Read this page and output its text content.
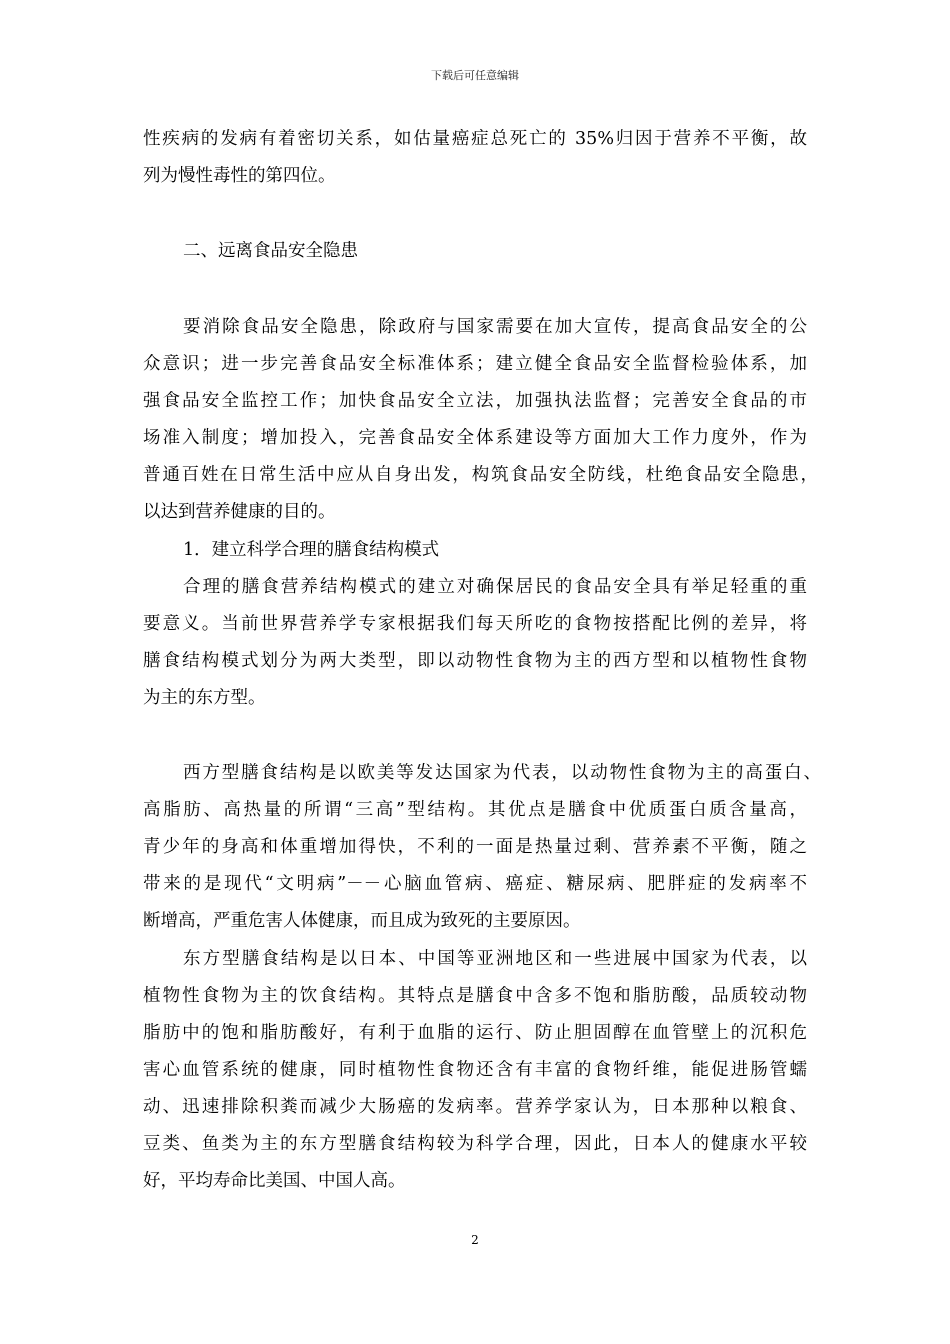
下载后可任意编辑
性疾病的发病有着密切关系，如估量癌症总死亡的 35%归因于营养不平衡，故
列为慢性毒性的第四位。
二、远离食品安全隐患
要消除食品安全隐患，除政府与国家需要在加大宣传，提高食品安全的公
众意识；进一步完善食品安全标准体系；建立健全食品安全监督检验体系，加
强食品安全监控工作；加快食品安全立法，加强执法监督；完善安全食品的市
场准入制度；增加投入，完善食品安全体系建设等方面加大工作力度外，作为
普通百姓在日常生活中应从自身出发，构筑食品安全防线，杜绝食品安全隐患，
以达到营养健康的目的。
1．建立科学合理的膳食结构模式
合理的膳食营养结构模式的建立对确保居民的食品安全具有举足轻重的重
要意义。当前世界营养学专家根据我们每天所吃的食物按搭配比例的差异，将
膳食结构模式划分为两大类型，即以动物性食物为主的西方型和以植物性食物
为主的东方型。
西方型膳食结构是以欧美等发达国家为代表，以动物性食物为主的高蛋白、
高脂肪、高热量的所谓“三高”型结构。其优点是膳食中优质蛋白质含量高，
青少年的身高和体重增加得快，不利的一面是热量过剩、营养素不平衡，随之
带来的是现代“文明病”－－心脑血管病、癌症、糖尿病、肥胖症的发病率不
断增高，严重危害人体健康，而且成为致死的主要原因。
东方型膳食结构是以日本、中国等亚洲地区和一些进展中国家为代表，以
植物性食物为主的饮食结构。其特点是膳食中含多不饱和脂肪酸，品质较动物
脂肪中的饱和脂肪酸好，有利于血脂的运行、防止胆固醇在血管壁上的沉积危
害心血管系统的健康，同时植物性食物还含有丰富的食物纤维，能促进肠管蠕
动、迅速排除积粪而减少大肠癌的发病率。营养学家认为，日本那种以粮食、
豆类、鱼类为主的东方型膳食结构较为科学合理，因此，日本人的健康水平较
好，平均寿命比美国、中国人高。
2
